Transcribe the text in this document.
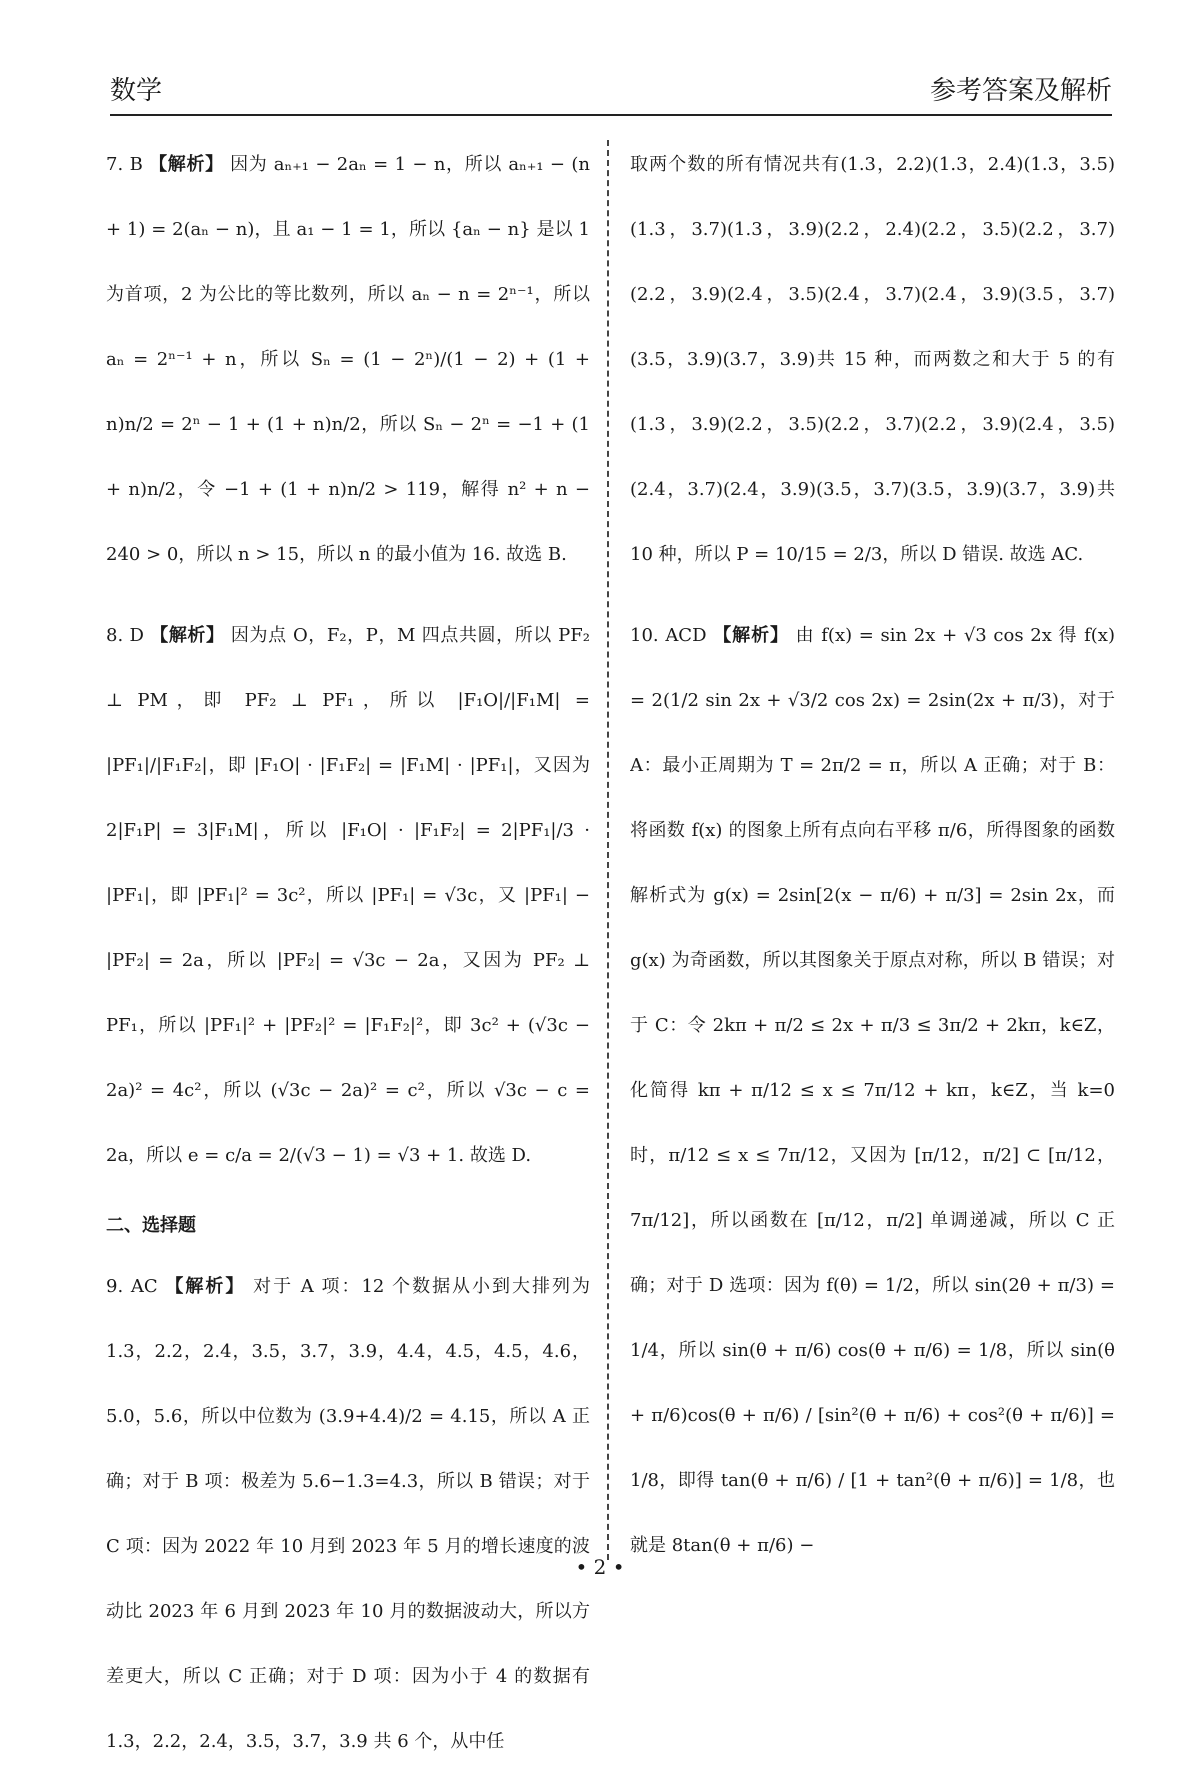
数学	参考答案及解析
7. B 【解析】 因为 aₙ₊₁ − 2aₙ = 1 − n，所以 aₙ₊₁ − (n + 1) = 2(aₙ − n)，且 a₁ − 1 = 1，所以 {aₙ − n} 是以 1 为首项，2 为公比的等比数列，所以 aₙ − n = 2ⁿ⁻¹，所以 aₙ = 2ⁿ⁻¹ + n，所以 Sₙ = (1 − 2ⁿ)/(1 − 2) + (1 + n)n/2 = 2ⁿ − 1 + (1 + n)n/2，所以 Sₙ − 2ⁿ = −1 + (1 + n)n/2，令 −1 + (1 + n)n/2 > 119，解得 n² + n − 240 > 0，所以 n > 15，所以 n 的最小值为 16. 故选 B.
8. D 【解析】 因为点 O，F₂，P，M 四点共圆，所以 PF₂ ⊥ PM，即 PF₂ ⊥ PF₁，所以 |F₁O|/|F₁M| = |PF₁|/|F₁F₂|，即 |F₁O| · |F₁F₂| = |F₁M| · |PF₁|，又因为 2|F₁P| = 3|F₁M|，所以 |F₁O| · |F₁F₂| = 2|PF₁|/3 · |PF₁|，即 |PF₁|² = 3c²，所以 |PF₁| = √3c，又 |PF₁| − |PF₂| = 2a，所以 |PF₂| = √3c − 2a，又因为 PF₂ ⊥ PF₁，所以 |PF₁|² + |PF₂|² = |F₁F₂|²，即 3c² + (√3c − 2a)² = 4c²，所以 (√3c − 2a)² = c²，所以 √3c − c = 2a，所以 e = c/a = 2/(√3 − 1) = √3 + 1. 故选 D.
二、选择题
9. AC 【解析】 对于 A 项：12 个数据从小到大排列为 1.3，2.2，2.4，3.5，3.7，3.9，4.4，4.5，4.5，4.6，5.0，5.6，所以中位数为 (3.9+4.4)/2 = 4.15，所以 A 正确；对于 B 项：极差为 5.6−1.3=4.3，所以 B 错误；对于 C 项：因为 2022 年 10 月到 2023 年 5 月的增长速度的波动比 2023 年 6 月到 2023 年 10 月的数据波动大，所以方差更大，所以 C 正确；对于 D 项：因为小于 4 的数据有 1.3，2.2，2.4，3.5，3.7，3.9 共 6 个，从中任
取两个数的所有情况共有(1.3，2.2)(1.3，2.4)(1.3，3.5)(1.3，3.7)(1.3，3.9)(2.2，2.4)(2.2，3.5)(2.2，3.7)(2.2，3.9)(2.4，3.5)(2.4，3.7)(2.4，3.9)(3.5，3.7)(3.5，3.9)(3.7，3.9)共 15 种，而两数之和大于 5 的有(1.3，3.9)(2.2，3.5)(2.2，3.7)(2.2，3.9)(2.4，3.5)(2.4，3.7)(2.4，3.9)(3.5，3.7)(3.5，3.9)(3.7，3.9)共 10 种，所以 P = 10/15 = 2/3，所以 D 错误. 故选 AC.
10. ACD 【解析】 由 f(x) = sin 2x + √3 cos 2x 得 f(x) = 2(1/2 sin 2x + √3/2 cos 2x) = 2sin(2x + π/3)，对于 A：最小正周期为 T = 2π/2 = π，所以 A 正确；对于 B：将函数 f(x) 的图象上所有点向右平移 π/6，所得图象的函数解析式为 g(x) = 2sin[2(x − π/6) + π/3] = 2sin 2x，而 g(x) 为奇函数，所以其图象关于原点对称，所以 B 错误；对于 C：令 2kπ + π/2 ≤ 2x + π/3 ≤ 3π/2 + 2kπ，k∈Z，化简得 kπ + π/12 ≤ x ≤ 7π/12 + kπ，k∈Z，当 k=0 时，π/12 ≤ x ≤ 7π/12，又因为 [π/12，π/2] ⊂ [π/12，7π/12]，所以函数在 [π/12，π/2] 单调递减，所以 C 正确；对于 D 选项：因为 f(θ) = 1/2，所以 sin(2θ + π/3) = 1/4，所以 sin(θ + π/6) cos(θ + π/6) = 1/8，所以 sin(θ + π/6)cos(θ + π/6) / [sin²(θ + π/6) + cos²(θ + π/6)] = 1/8，即得 tan(θ + π/6) / [1 + tan²(θ + π/6)] = 1/8，也就是 8tan(θ + π/6) −
• 2 •
